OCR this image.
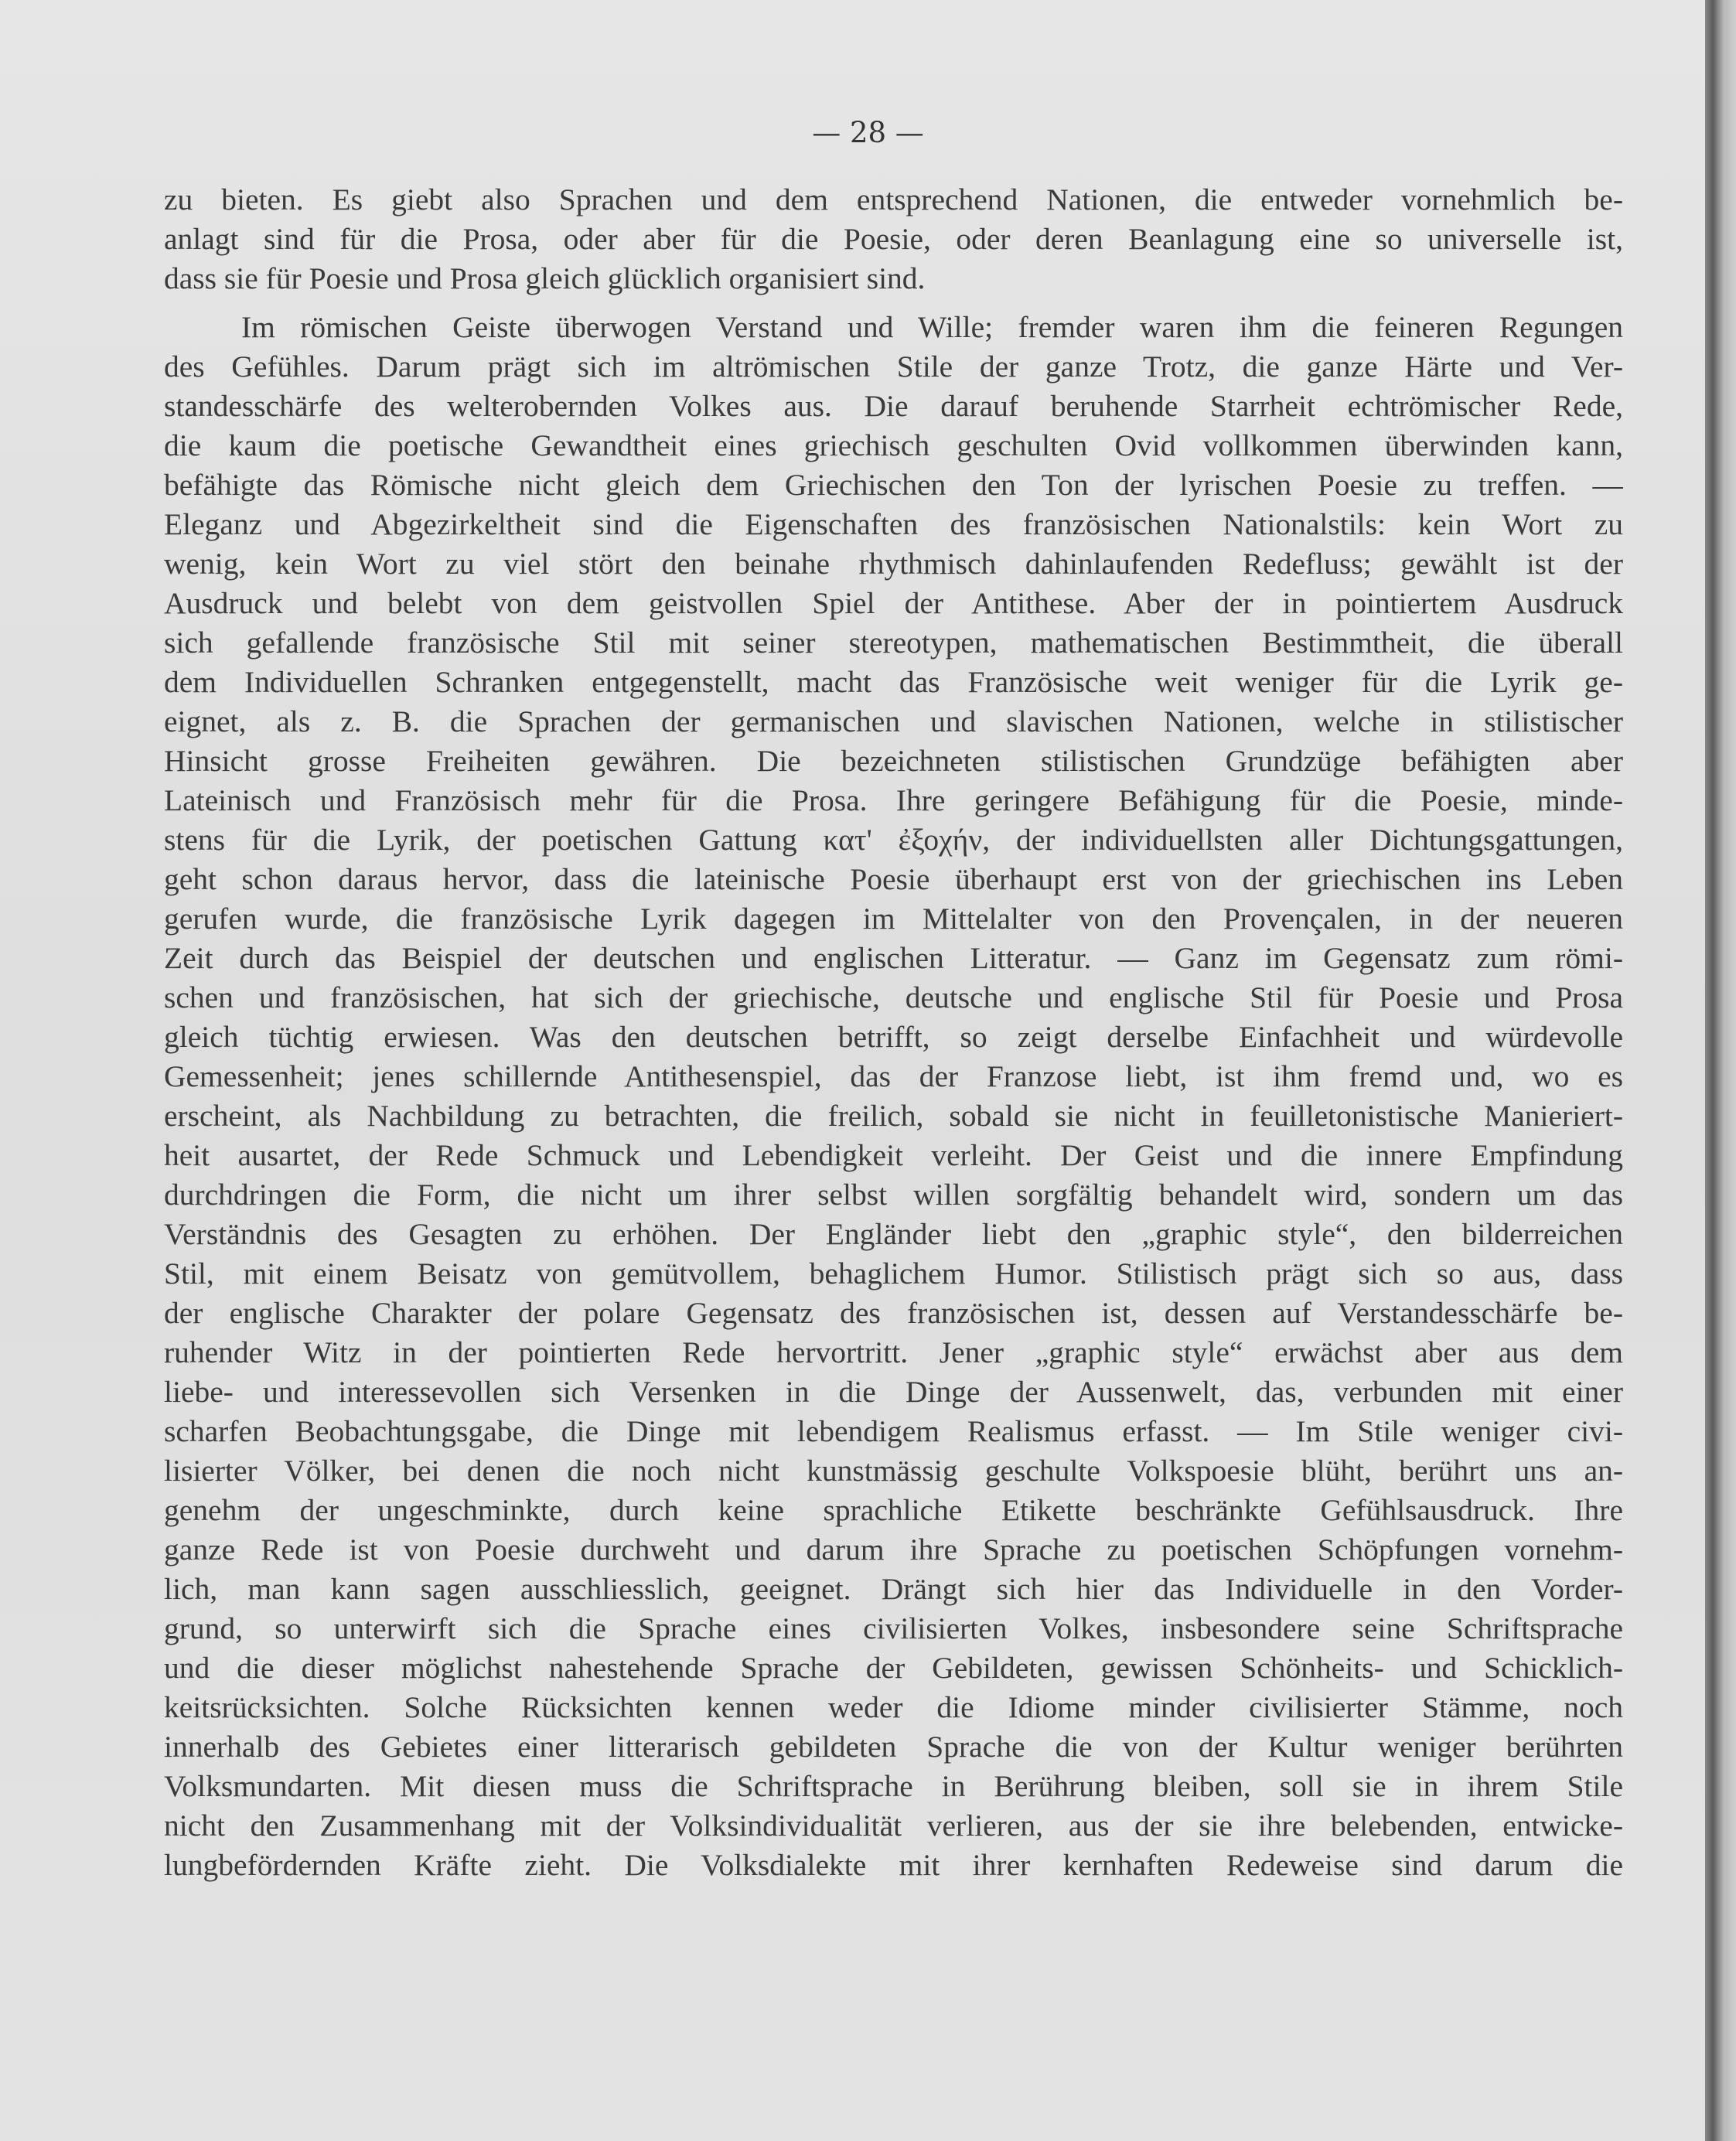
— 28 —

zu bieten. Es giebt also Sprachen und dem entsprechend Nationen, die entweder vornehmlich be-
anlagt sind für die Prosa, oder aber für die Poesie, oder deren Beanlagung eine so universelle ist,
dass sie für Poesie und Prosa gleich glücklich organisiert sind.
Im römischen Geiste überwogen Verstand und Wille; fremder waren ihm die feineren Regungen
des Gefühles. Darum prägt sich im altrömischen Stile der ganze Trotz, die ganze Härte und Ver-
standesschärfe des welterobernden Volkes aus. Die darauf beruhende Starrheit echtrömischer Rede,
die kaum die poetische Gewandtheit eines griechisch geschulten Ovid vollkommen überwinden kann,
befähigte das Römische nicht gleich dem Griechischen den Ton der lyrischen Poesie zu treffen. —
Eleganz und Abgezirkeltheit sind die Eigenschaften des französischen Nationalstils: kein Wort zu
wenig, kein Wort zu viel stört den beinahe rhythmisch dahinlaufenden Redefluss; gewählt ist der
Ausdruck und belebt von dem geistvollen Spiel der Antithese. Aber der in pointiertem Ausdruck
sich gefallende französische Stil mit seiner stereotypen, mathematischen Bestimmtheit, die überall
dem Individuellen Schranken entgegenstellt, macht das Französische weit weniger für die Lyrik ge-
eignet, als z. B. die Sprachen der germanischen und slavischen Nationen, welche in stilistischer
Hinsicht grosse Freiheiten gewähren. Die bezeichneten stilistischen Grundzüge befähigten aber
Lateinisch und Französisch mehr für die Prosa. Ihre geringere Befähigung für die Poesie, minde-
stens für die Lyrik, der poetischen Gattung κατ' ἐξοχήν, der individuellsten aller Dichtungsgattungen,
geht schon daraus hervor, dass die lateinische Poesie überhaupt erst von der griechischen ins Leben
gerufen wurde, die französische Lyrik dagegen im Mittelalter von den Provençalen, in der neueren
Zeit durch das Beispiel der deutschen und englischen Litteratur. — Ganz im Gegensatz zum römi-
schen und französischen, hat sich der griechische, deutsche und englische Stil für Poesie und Prosa
gleich tüchtig erwiesen. Was den deutschen betrifft, so zeigt derselbe Einfachheit und würdevolle
Gemessenheit; jenes schillernde Antithesenspiel, das der Franzose liebt, ist ihm fremd und, wo es
erscheint, als Nachbildung zu betrachten, die freilich, sobald sie nicht in feuilletonistische Manieriert-
heit ausartet, der Rede Schmuck und Lebendigkeit verleiht. Der Geist und die innere Empfindung
durchdringen die Form, die nicht um ihrer selbst willen sorgfältig behandelt wird, sondern um das
Verständnis des Gesagten zu erhöhen. Der Engländer liebt den „graphic style“, den bilderreichen
Stil, mit einem Beisatz von gemütvollem, behaglichem Humor. Stilistisch prägt sich so aus, dass
der englische Charakter der polare Gegensatz des französischen ist, dessen auf Verstandesschärfe be-
ruhender Witz in der pointierten Rede hervortritt. Jener „graphic style“ erwächst aber aus dem
liebe- und interessevollen sich Versenken in die Dinge der Aussenwelt, das, verbunden mit einer
scharfen Beobachtungsgabe, die Dinge mit lebendigem Realismus erfasst. — Im Stile weniger civi-
lisierter Völker, bei denen die noch nicht kunstmässig geschulte Volkspoesie blüht, berührt uns an-
genehm der ungeschminkte, durch keine sprachliche Etikette beschränkte Gefühlsausdruck. Ihre
ganze Rede ist von Poesie durchweht und darum ihre Sprache zu poetischen Schöpfungen vornehm-
lich, man kann sagen ausschliesslich, geeignet. Drängt sich hier das Individuelle in den Vorder-
grund, so unterwirft sich die Sprache eines civilisierten Volkes, insbesondere seine Schriftsprache
und die dieser möglichst nahestehende Sprache der Gebildeten, gewissen Schönheits- und Schicklich-
keitsrücksichten. Solche Rücksichten kennen weder die Idiome minder civilisierter Stämme, noch
innerhalb des Gebietes einer litterarisch gebildeten Sprache die von der Kultur weniger berührten
Volksmundarten. Mit diesen muss die Schriftsprache in Berührung bleiben, soll sie in ihrem Stile
nicht den Zusammenhang mit der Volksindividualität verlieren, aus der sie ihre belebenden, entwicke-
lungbefördernden Kräfte zieht. Die Volksdialekte mit ihrer kernhaften Redeweise sind darum die
